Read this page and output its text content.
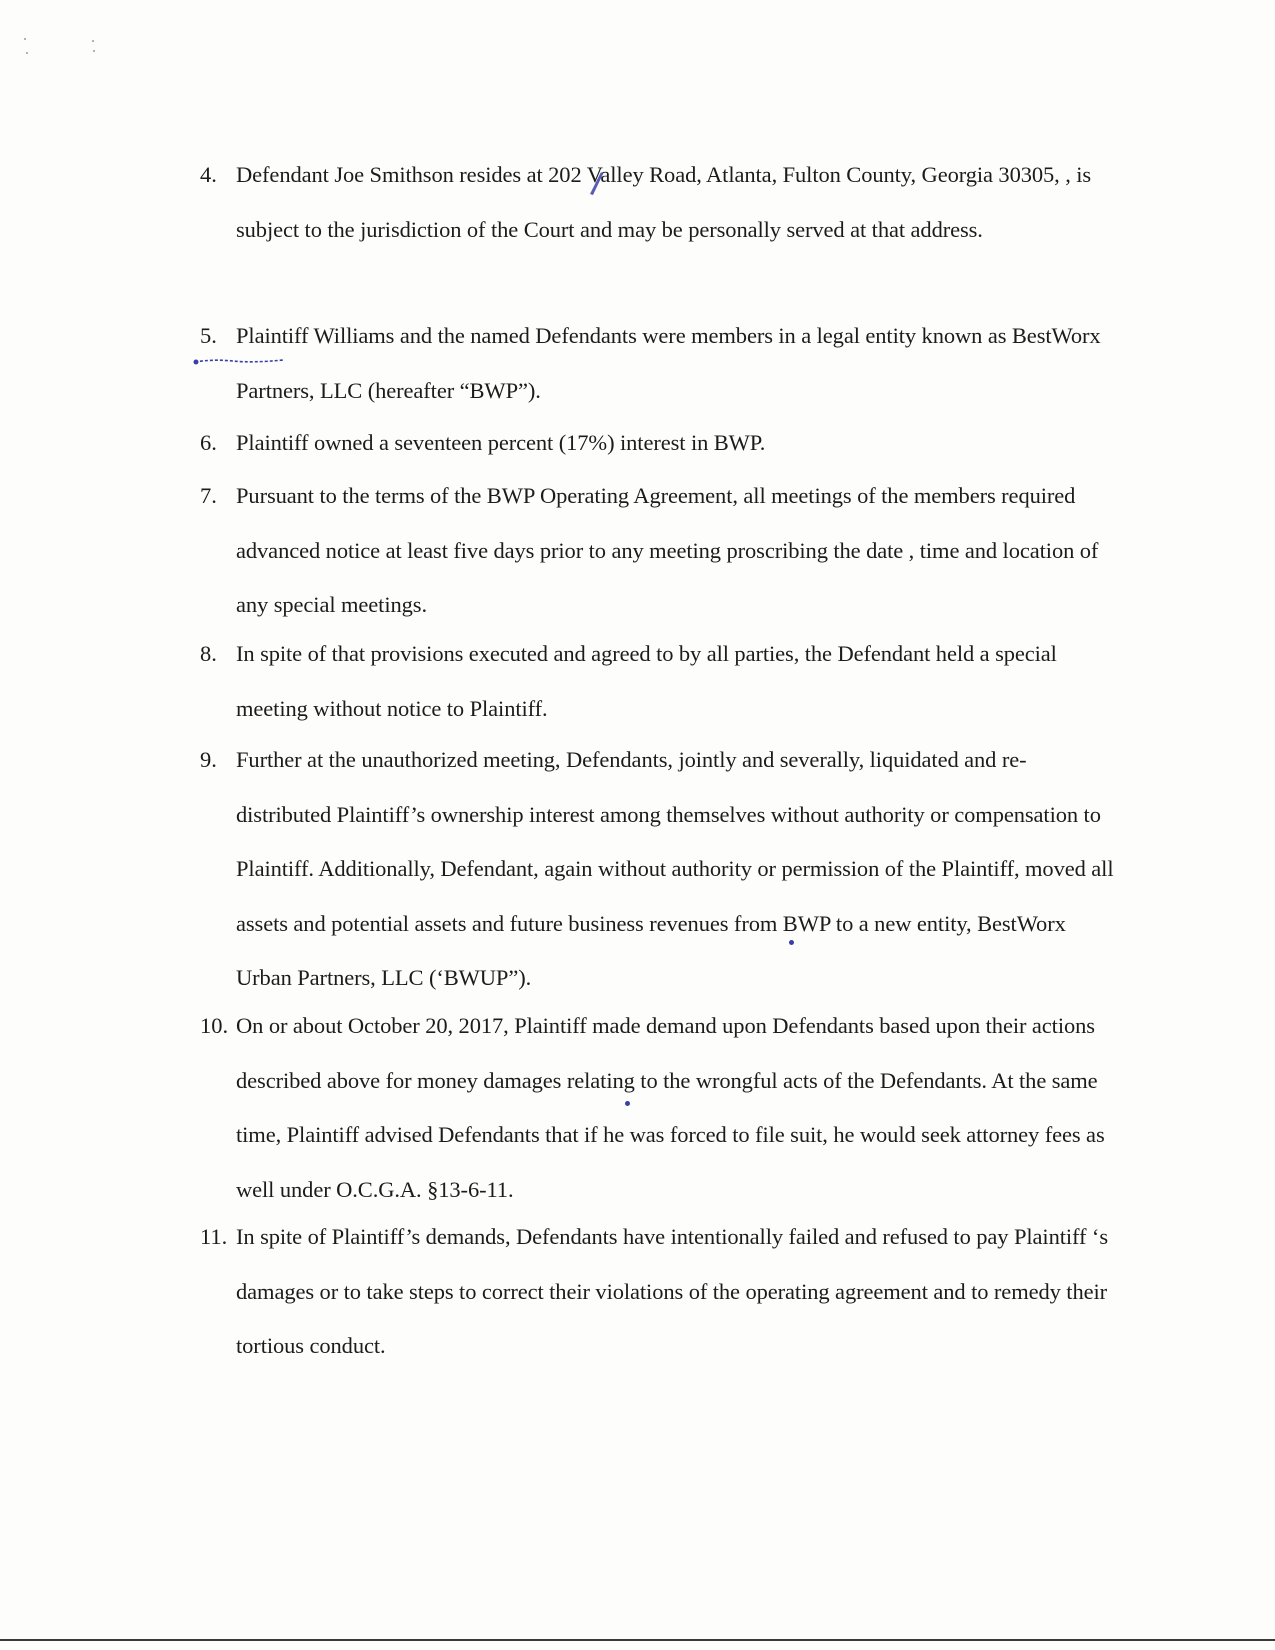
4. Defendant Joe Smithson resides at 202 Valley Road, Atlanta, Fulton County, Georgia 30305, , is subject to the jurisdiction of the Court and may be personally served at that address.
5. Plaintiff Williams and the named Defendants were members in a legal entity known as BestWorx Partners, LLC (hereafter “BWP”).
6. Plaintiff owned a seventeen percent (17%) interest in BWP.
7. Pursuant to the terms of the BWP Operating Agreement, all meetings of the members required advanced notice at least five days prior to any meeting proscribing the date , time and location of any special meetings.
8. In spite of that provisions executed and agreed to by all parties, the Defendant held a special meeting without notice to Plaintiff.
9. Further at the unauthorized meeting, Defendants, jointly and severally, liquidated and re-distributed Plaintiff’s ownership interest among themselves without authority or compensation to Plaintiff. Additionally, Defendant, again without authority or permission of the Plaintiff, moved all assets and potential assets and future business revenues from BWP to a new entity, BestWorx Urban Partners, LLC (‘BWUP”).
10. On or about October 20, 2017, Plaintiff made demand upon Defendants based upon their actions described above for money damages relating to the wrongful acts of the Defendants. At the same time, Plaintiff advised Defendants that if he was forced to file suit, he would seek attorney fees as well under O.C.G.A. §13-6-11.
11. In spite of Plaintiff’s demands, Defendants have intentionally failed and refused to pay Plaintiff ‘s damages or to take steps to correct their violations of the operating agreement and to remedy their tortious conduct.
